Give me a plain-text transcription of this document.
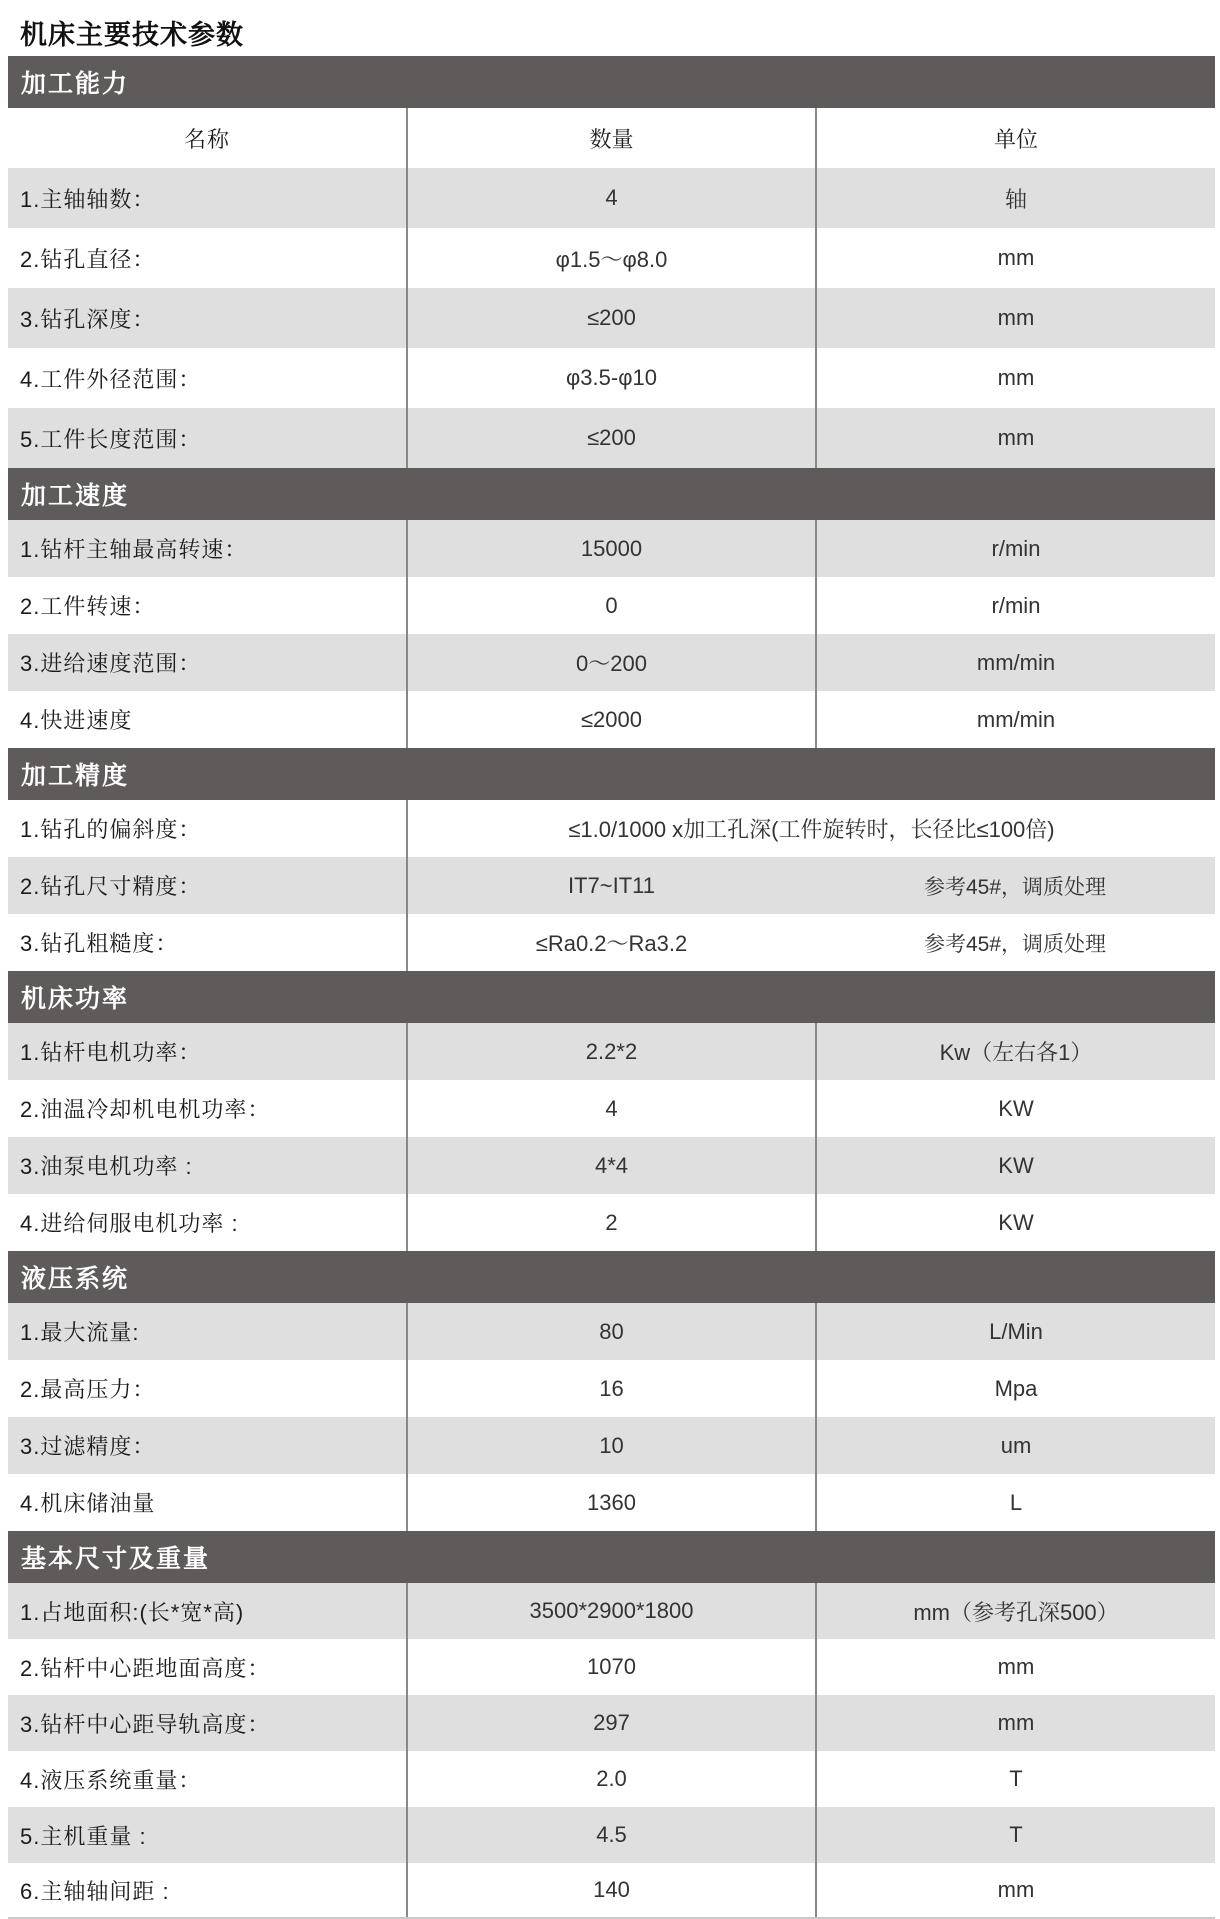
机床主要技术参数
加工能力
名称	数量	单位
1.主轴轴数：	4	轴
2.钻孔直径：	φ1.5～φ8.0	mm
3.钻孔深度：	≤200	mm
4.工件外径范围：	φ3.5-φ10	mm
5.工件长度范围：	≤200	mm
加工速度
1.钻杆主轴最高转速：	15000	r/min
2.工件转速：	0	r/min
3.进给速度范围：	0～200	mm/min
4.快进速度	≤2000	mm/min
加工精度
1.钻孔的偏斜度：	≤1.0/1000 x加工孔深(工件旋转时，长径比≤100倍)
2.钻孔尺寸精度：	IT7~IT11	参考45#，调质处理
3.钻孔粗糙度：	≤Ra0.2～Ra3.2	参考45#，调质处理
机床功率
1.钻杆电机功率：	2.2*2	Kw（左右各1）
2.油温冷却机电机功率：	4	KW
3.油泵电机功率 :	4*4	KW
4.进给伺服电机功率 :	2	KW
液压系统
1.最大流量:	80	L/Min
2.最高压力：	16	Mpa
3.过滤精度：	10	um
4.机床储油量	1360	L
基本尺寸及重量
1.占地面积:(长*宽*高)	3500*2900*1800	mm（参考孔深500）
2.钻杆中心距地面高度：	1070	mm
3.钻杆中心距导轨高度：	297	mm
4.液压系统重量：	2.0	T
5.主机重量 :	4.5	T
6.主轴轴间距 :	140	mm
